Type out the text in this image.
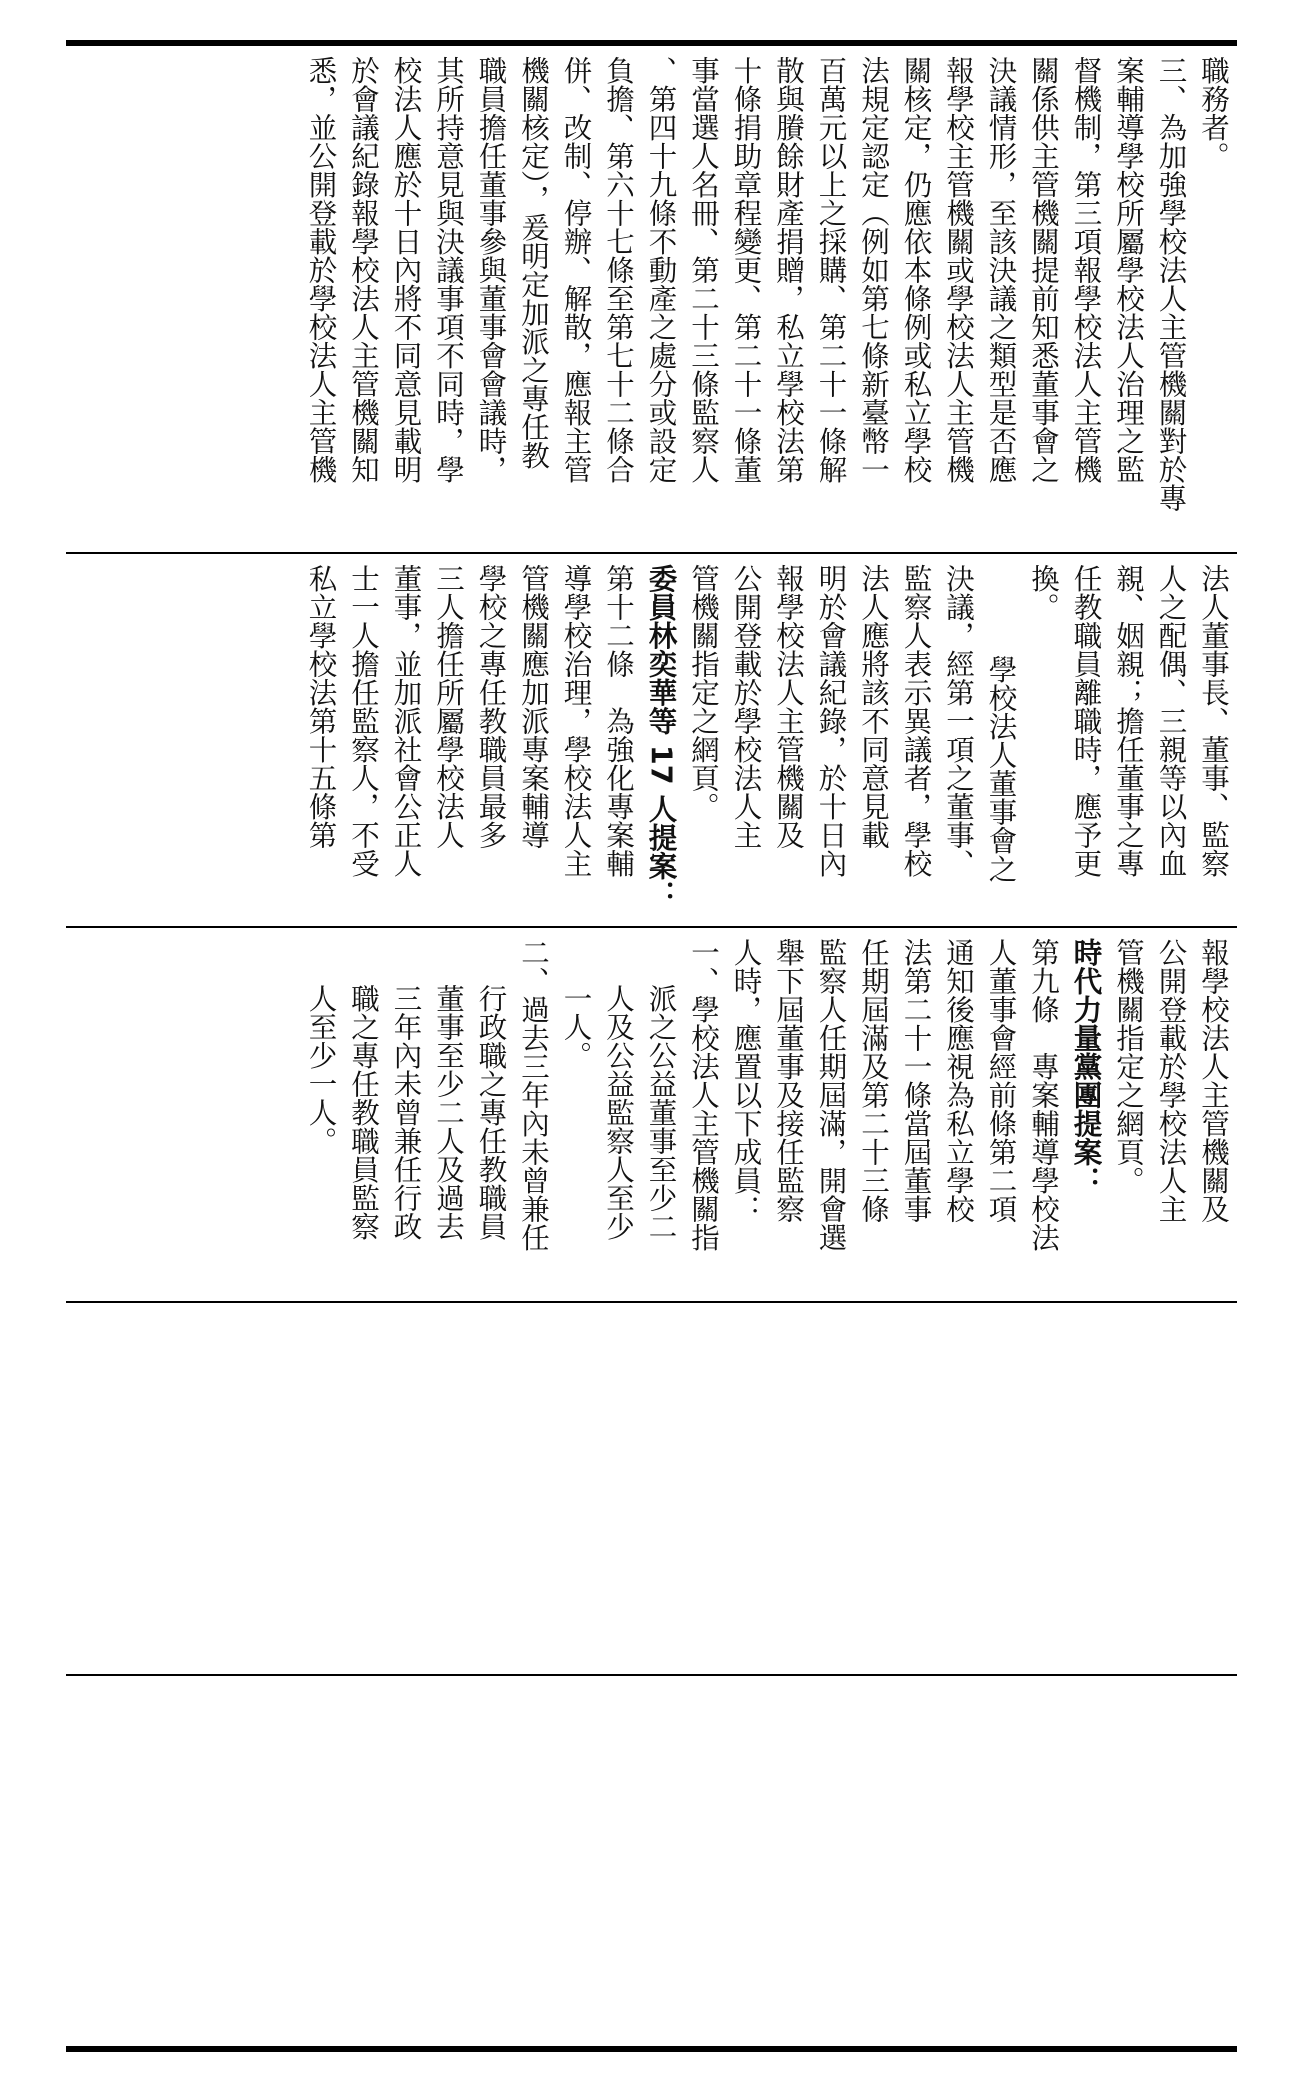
職務者。
三、為加強學校法人主管機關對於專
案輔導學校所屬學校法人治理之監
督機制，第三項報學校法人主管機
關係供主管機關提前知悉董事會之
決議情形，至該決議之類型是否應
報學校主管機關或學校法人主管機
關核定，仍應依本條例或私立學校
法規定認定（例如第七條新臺幣一
百萬元以上之採購、第二十一條解
散與賸餘財產捐贈，私立學校法第
十條捐助章程變更、第二十一條董
事當選人名冊、第二十三條監察人
、第四十九條不動產之處分或設定
負擔、第六十七條至第七十二條合
併、改制、停辦、解散，應報主管
機關核定），爰明定加派之專任教
職員擔任董事參與董事會會議時，
其所持意見與決議事項不同時，學
校法人應於十日內將不同意見載明
於會議紀錄報學校法人主管機關知
悉，並公開登載於學校法人主管機
法人董事長、董事、監察
人之配偶、三親等以內血
親、姻親；擔任董事之專
任教職員離職時，應予更
換。
學校法人董事會之
決議，經第一項之董事、
監察人表示異議者，學校
法人應將該不同意見載
明於會議紀錄，於十日內
報學校法人主管機關及
公開登載於學校法人主
管機關指定之網頁。
委員林奕華等 17 人提案：
第十二條　為強化專案輔
導學校治理，學校法人主
管機關應加派專案輔導
學校之專任教職員最多
三人擔任所屬學校法人
董事，並加派社會公正人
士一人擔任監察人，不受
私立學校法第十五條第
報學校法人主管機關及
公開登載於學校法人主
管機關指定之網頁。
時代力量黨團提案：
第九條　專案輔導學校法
人董事會經前條第二項
通知後應視為私立學校
法第二十一條當屆董事
任期屆滿及第二十三條
監察人任期屆滿，開會選
舉下屆董事及接任監察
人時，應置以下成員：
一、學校法人主管機關指
派之公益董事至少二
人及公益監察人至少
一人。
二、過去三年內未曾兼任
行政職之專任教職員
董事至少二人及過去
三年內未曾兼任行政
職之專任教職員監察
人至少一人。
